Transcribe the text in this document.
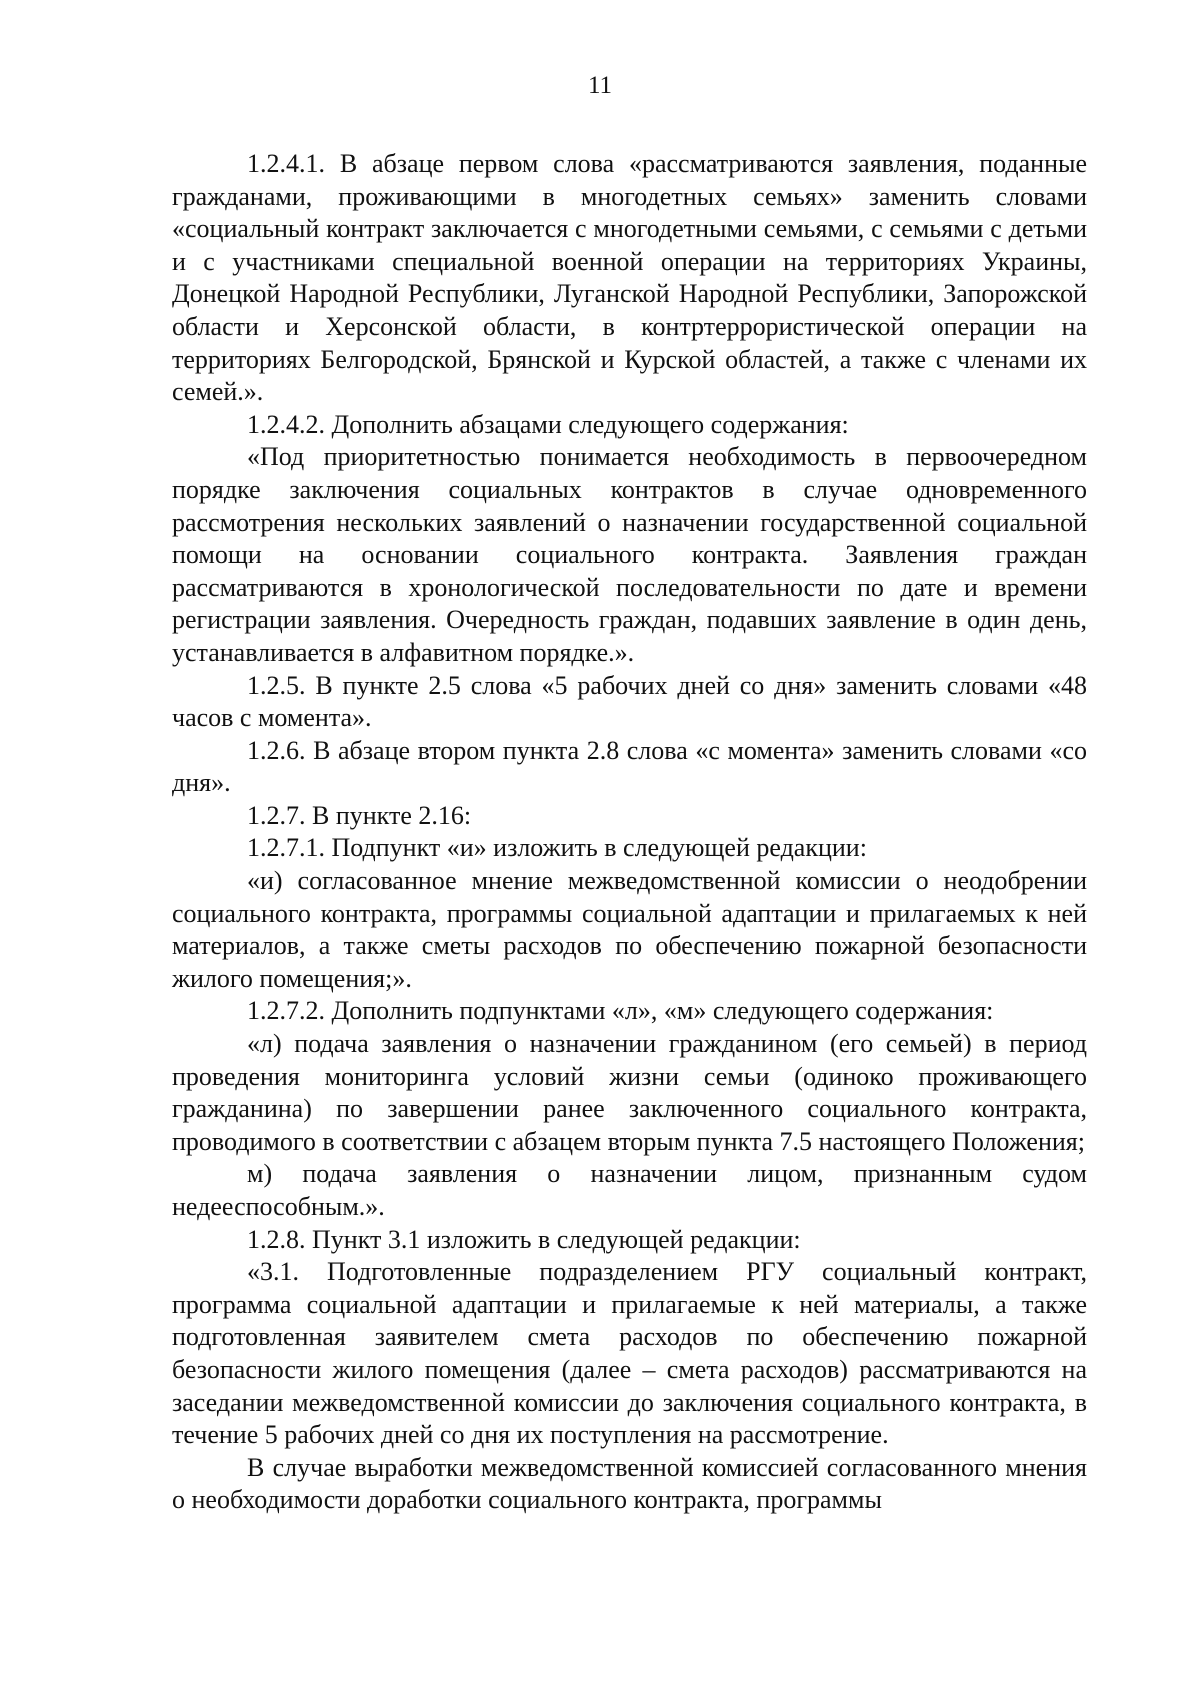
11

1.2.4.1. В абзаце первом слова «рассматриваются заявления, поданные гражданами, проживающими в многодетных семьях» заменить словами «социальный контракт заключается с многодетными семьями, с семьями с детьми и с участниками специальной военной операции на территориях Украины, Донецкой Народной Республики, Луганской Народной Республики, Запорожской области и Херсонской области, в контртеррористической операции на территориях Белгородской, Брянской и Курской областей, а также с членами их семей.».

1.2.4.2. Дополнить абзацами следующего содержания:

«Под приоритетностью понимается необходимость в первоочередном порядке заключения социальных контрактов в случае одновременного рассмотрения нескольких заявлений о назначении государственной социальной помощи на основании социального контракта. Заявления граждан рассматриваются в хронологической последовательности по дате и времени регистрации заявления. Очередность граждан, подавших заявление в один день, устанавливается в алфавитном порядке.».

1.2.5. В пункте 2.5 слова «5 рабочих дней со дня» заменить словами «48 часов с момента».

1.2.6. В абзаце втором пункта 2.8 слова «с момента» заменить словами «со дня».

1.2.7. В пункте 2.16:

1.2.7.1. Подпункт «и» изложить в следующей редакции:

«и) согласованное мнение межведомственной комиссии о неодобрении социального контракта, программы социальной адаптации и прилагаемых к ней материалов, а также сметы расходов по обеспечению пожарной безопасности жилого помещения;».

1.2.7.2. Дополнить подпунктами «л», «м» следующего содержания:

«л) подача заявления о назначении гражданином (его семьей) в период проведения мониторинга условий жизни семьи (одиноко проживающего гражданина) по завершении ранее заключенного социального контракта, проводимого в соответствии с абзацем вторым пункта 7.5 настоящего Положения;

м) подача заявления о назначении лицом, признанным судом недееспособным.».

1.2.8. Пункт 3.1 изложить в следующей редакции:

«3.1. Подготовленные подразделением РГУ социальный контракт, программа социальной адаптации и прилагаемые к ней материалы, а также подготовленная заявителем смета расходов по обеспечению пожарной безопасности жилого помещения (далее – смета расходов) рассматриваются на заседании межведомственной комиссии до заключения социального контракта, в течение 5 рабочих дней со дня их поступления на рассмотрение.

В случае выработки межведомственной комиссией согласованного мнения о необходимости доработки социального контракта, программы
